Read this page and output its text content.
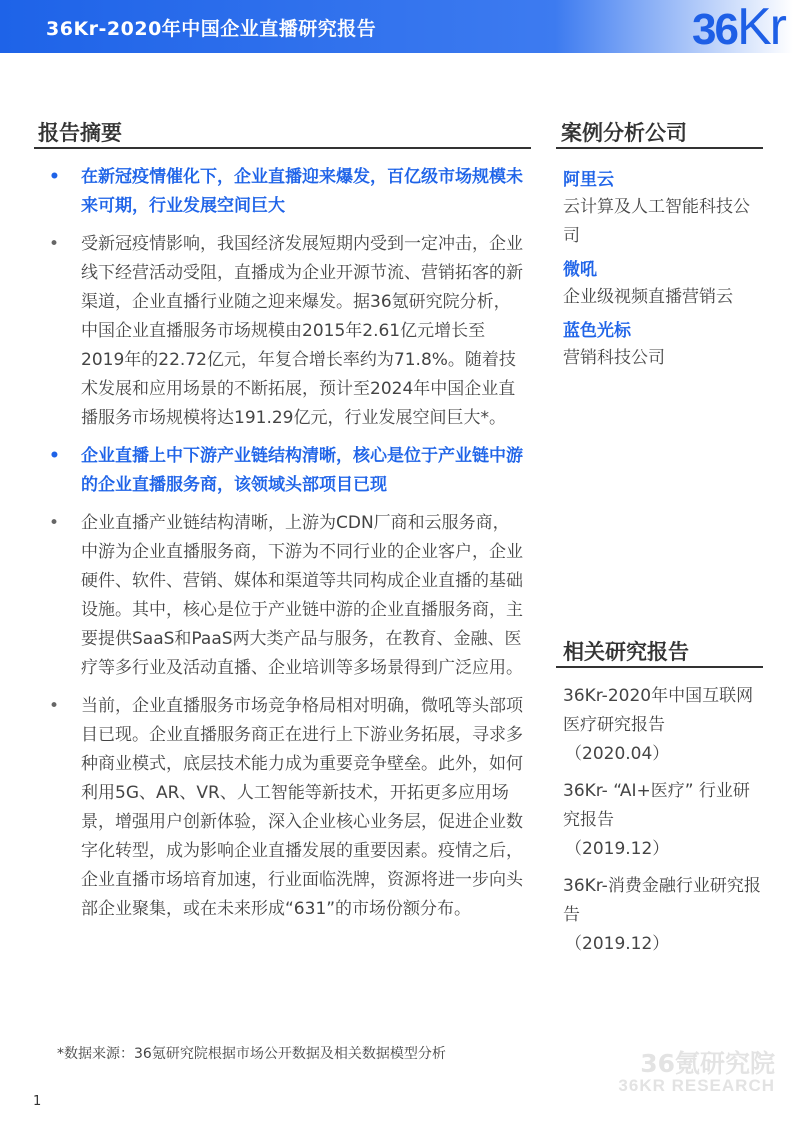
36Kr-2020年中国企业直播研究报告	36Kr
报告摘要
• 在新冠疫情催化下，企业直播迎来爆发，百亿级市场规模未来可期，行业发展空间巨大
• 受新冠疫情影响，我国经济发展短期内受到一定冲击，企业线下经营活动受阻，直播成为企业开源节流、营销拓客的新渠道，企业直播行业随之迎来爆发。据36氪研究院分析，中国企业直播服务市场规模由2015年2.61亿元增长至2019年的22.72亿元，年复合增长率约为71.8%。随着技术发展和应用场景的不断拓展，预计至2024年中国企业直播服务市场规模将达191.29亿元，行业发展空间巨大*。
• 企业直播上中下游产业链结构清晰，核心是位于产业链中游的企业直播服务商，该领域头部项目已现
• 企业直播产业链结构清晰，上游为CDN厂商和云服务商，中游为企业直播服务商，下游为不同行业的企业客户，企业硬件、软件、营销、媒体和渠道等共同构成企业直播的基础设施。其中，核心是位于产业链中游的企业直播服务商，主要提供SaaS和PaaS两大类产品与服务，在教育、金融、医疗等多行业及活动直播、企业培训等多场景得到广泛应用。
• 当前，企业直播服务市场竞争格局相对明确，微吼等头部项目已现。企业直播服务商正在进行上下游业务拓展，寻求多种商业模式，底层技术能力成为重要竞争壁垒。此外，如何利用5G、AR、VR、人工智能等新技术，开拓更多应用场景，增强用户创新体验，深入企业核心业务层，促进企业数字化转型，成为影响企业直播发展的重要因素。疫情之后，企业直播市场培育加速，行业面临洗牌，资源将进一步向头部企业聚集，或在未来形成“631”的市场份额分布。
案例分析公司
阿里云
云计算及人工智能科技公司
微吼
企业级视频直播营销云
蓝色光标
营销科技公司
相关研究报告
36Kr-2020年中国互联网医疗研究报告
（2020.04）
36Kr- “AI+医疗” 行业研究报告
（2019.12）
36Kr-消费金融行业研究报告
（2019.12）
*数据来源：36氪研究院根据市场公开数据及相关数据模型分析	36氪研究院
36KR RESEARCH
1
